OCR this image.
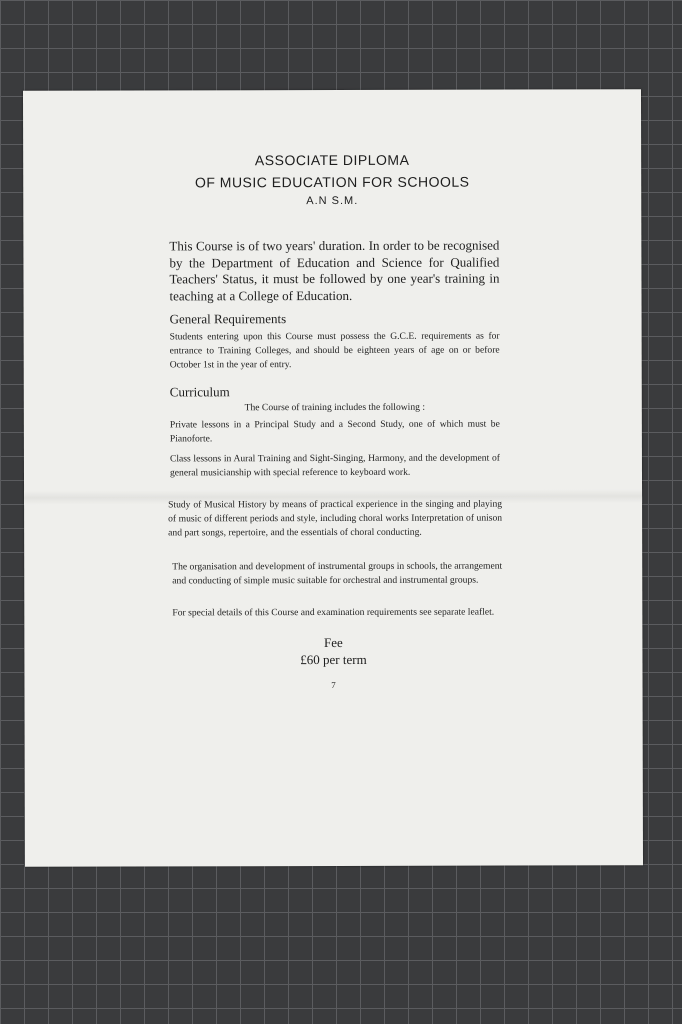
ASSOCIATE DIPLOMA
OF MUSIC EDUCATION FOR SCHOOLS
A.N S.M.
This Course is of two years' duration. In order to be recognised by the Department of Education and Science for Qualified Teachers' Status, it must be followed by one year's training in teaching at a College of Education.
General Requirements
Students entering upon this Course must possess the G.C.E. requirements as for entrance to Training Colleges, and should be eighteen years of age on or before October 1st in the year of entry.
Curriculum
The Course of training includes the following :
Private lessons in a Principal Study and a Second Study, one of which must be Pianoforte.
Class lessons in Aural Training and Sight-Singing, Harmony, and the development of general musicianship with special reference to keyboard work.
Study of Musical History by means of practical experience in the singing and playing of music of different periods and style, including choral works Interpretation of unison and part songs, repertoire, and the essentials of choral conducting.
The organisation and development of instrumental groups in schools, the arrangement and conducting of simple music suitable for orchestral and instrumental groups.
For special details of this Course and examination requirements see separate leaflet.
Fee
£60 per term
7
